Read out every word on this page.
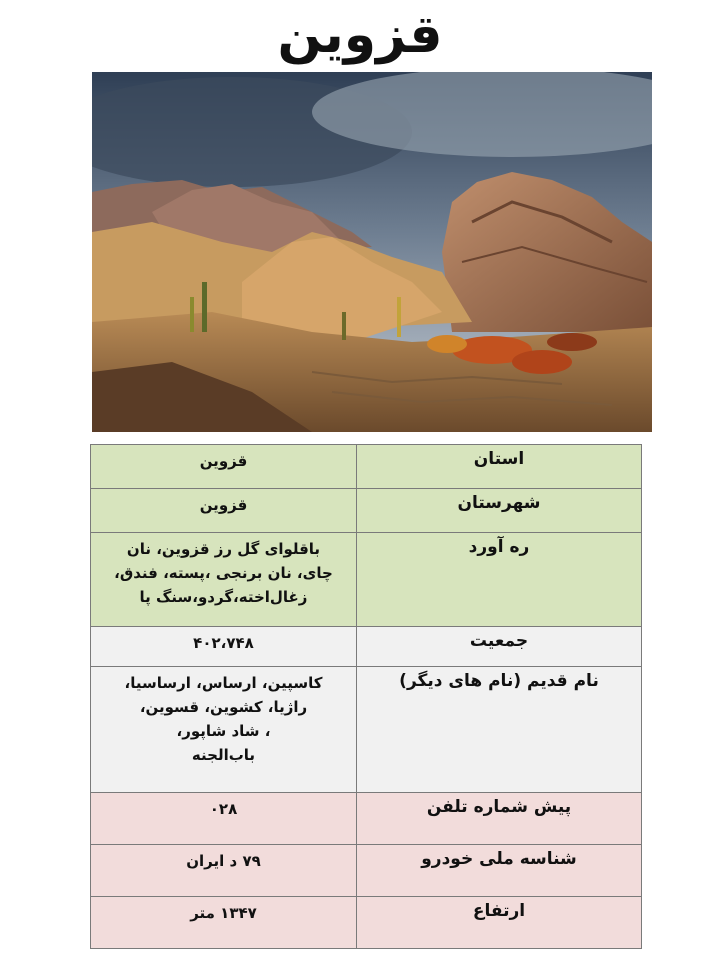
قزوین
استان	قزوین

شهرستان	قزوین

ره آورد	باقلوای گل رز قزوین، نان
چای، نان برنجی ،پسته، فندق،
زغال‌اخته،گردو،سنگ پا

جمعیت	۴۰۲،۷۴۸

نام قدیم (نام های دیگر)	کاسپین، ارساس، ارساسیا،
راژیا، کشوین، قسوین،
، شاد شاپور،
باب‌الجنه

پیش شماره تلفن	۰۲۸

شناسه ملی خودرو	۷۹ د ایران

ارتفاع	۱۳۴۷ متر
